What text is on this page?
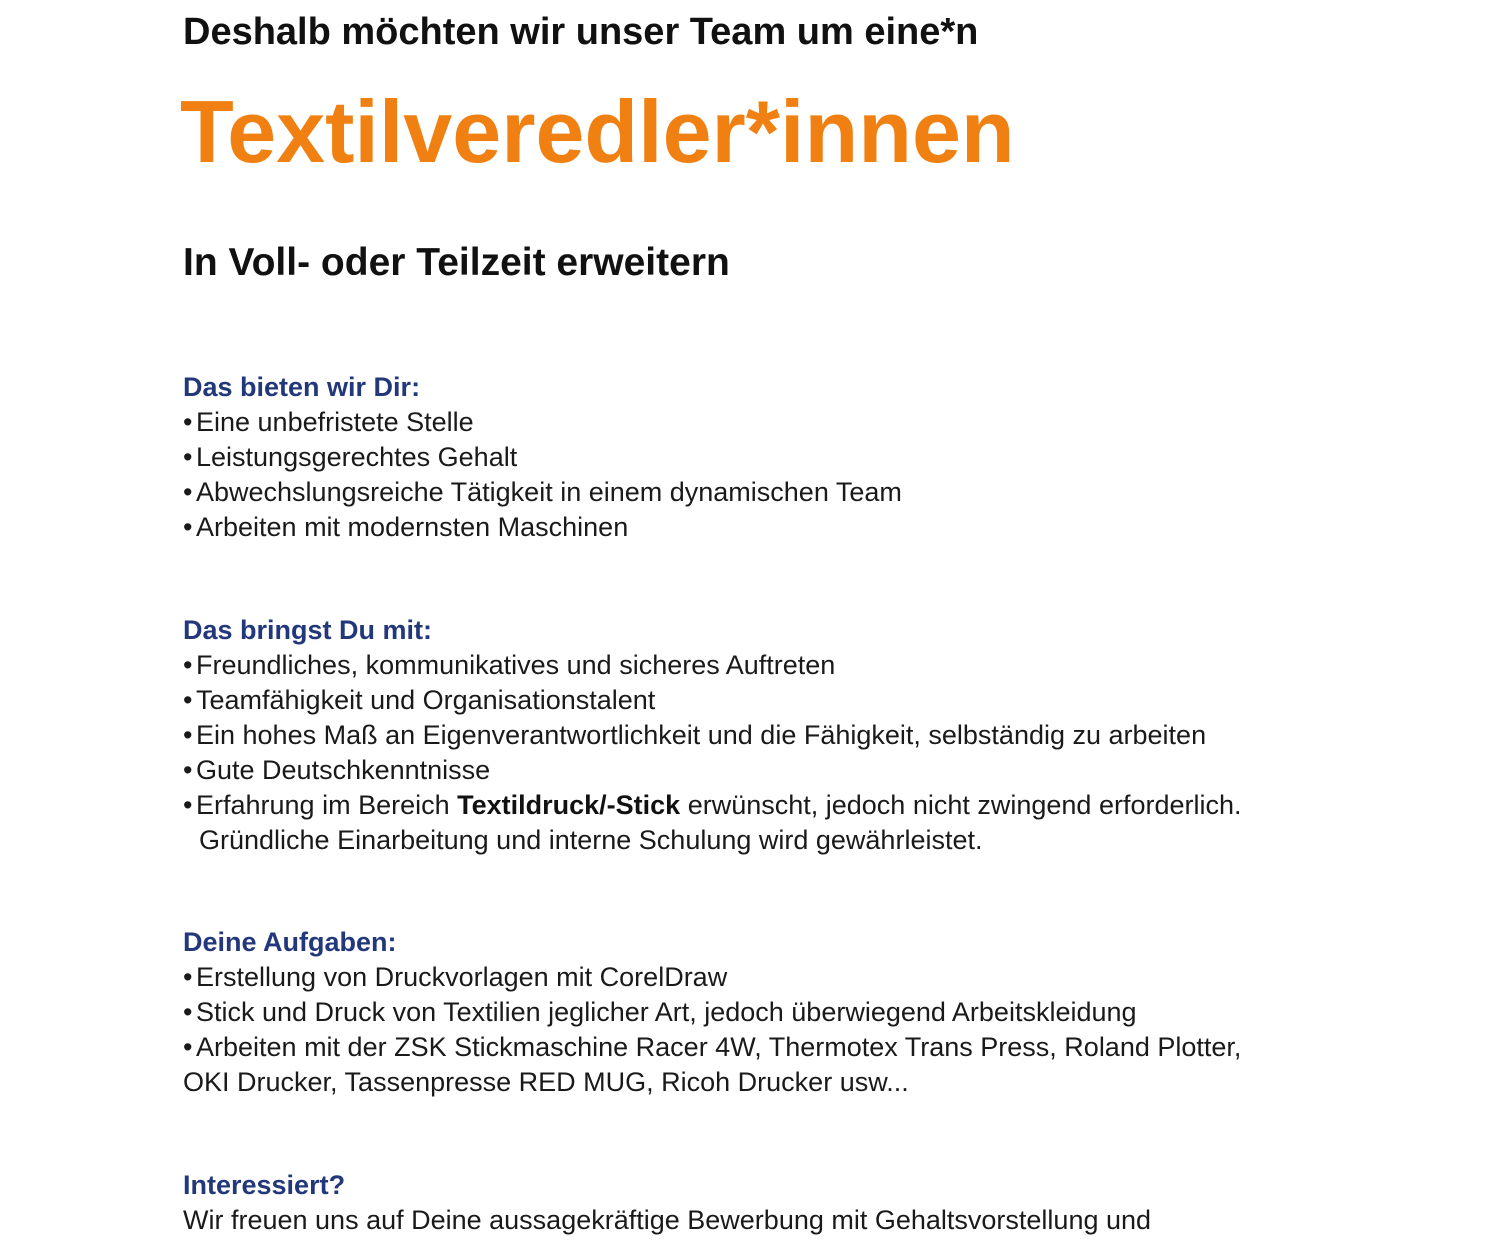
Deshalb möchten wir unser Team um eine*n
Textilveredler*innen
In Voll- oder Teilzeit erweitern
Das bieten wir Dir:
• Eine unbefristete Stelle
• Leistungsgerechtes Gehalt
• Abwechslungsreiche Tätigkeit in einem dynamischen Team
• Arbeiten mit modernsten Maschinen
Das bringst Du mit:
• Freundliches, kommunikatives und sicheres Auftreten
• Teamfähigkeit und Organisationstalent
• Ein hohes Maß an Eigenverantwortlichkeit und die Fähigkeit, selbständig zu arbeiten
• Gute Deutschkenntnisse
• Erfahrung im Bereich Textildruck/-Stick erwünscht, jedoch nicht zwingend erforderlich.
Gründliche Einarbeitung und interne Schulung wird gewährleistet.
Deine Aufgaben:
• Erstellung von Druckvorlagen mit CorelDraw
• Stick und Druck von Textilien jeglicher Art, jedoch überwiegend Arbeitskleidung
• Arbeiten mit der ZSK Stickmaschine Racer 4W, Thermotex Trans Press, Roland Plotter,
OKI Drucker, Tassenpresse RED MUG, Ricoh Drucker usw...
Interessiert?
Wir freuen uns auf Deine aussagekräftige Bewerbung mit Gehaltsvorstellung und
